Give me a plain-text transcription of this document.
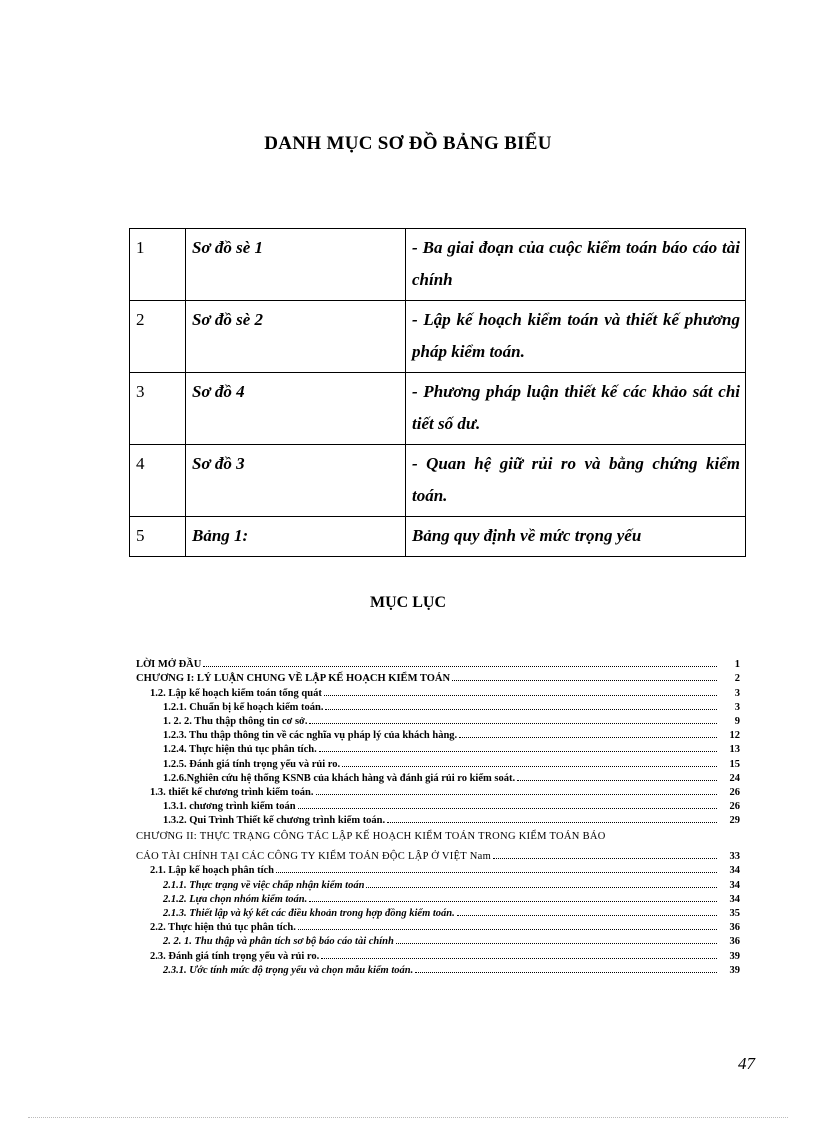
DANH MỤC SƠ ĐỒ BẢNG BIỂU
1	Sơ đồ sè 1	- Ba giai đoạn của cuộc kiểm toán báo cáo tài chính
2	Sơ đồ sè 2	- Lập kế hoạch kiểm toán và thiết kế phương pháp kiểm toán.
3	Sơ đồ 4	- Phương pháp luận thiết kế các khảo sát chi tiết số dư.
4	Sơ đồ 3	- Quan hệ giữ rủi ro và bằng chứng kiểm toán.
5	Bảng 1:	Bảng quy định về mức trọng yếu
MỤC LỤC
LỜI MỞ ĐẦU	1
CHƯƠNG I: LÝ LUẬN CHUNG VỀ LẬP KẾ HOẠCH KIỂM TOÁN	2
1.2. Lập kế hoạch kiểm toán tổng quát	3
1.2.1. Chuẩn bị kế hoạch kiểm toán.	3
1. 2. 2. Thu thập thông tin cơ sở.	9
1.2.3. Thu thập thông tin về các nghĩa vụ pháp lý của khách hàng.	12
1.2.4. Thực hiện thủ tục phân tích.	13
1.2.5. Đánh giá tính trọng yếu và rủi ro.	15
1.2.6.Nghiên cứu hệ thống KSNB của khách hàng và đánh giá rủi ro kiểm soát.	24
1.3. thiết kế chương trình kiểm toán.	26
1.3.1. chương trình kiểm toán	26
1.3.2. Qui Trình Thiết kế chương trình kiểm toán.	29
CHƯƠNG II: THỰC TRẠNG CÔNG TÁC LẬP KẾ HOẠCH KIỂM TOÁN TRONG KIỂM TOÁN BÁO
CÁO TÀI CHÍNH TẠI CÁC CÔNG TY KIỂM TOÁN ĐỘC LẬP Ở VIỆT Nam	33
2.1. Lập kế hoạch phân tích	34
2.1.1. Thực trạng về việc chấp nhận kiểm toán	34
2.1.2. Lựa chọn nhóm kiểm toán.	34
2.1.3. Thiết lập và ký kết các điều khoản trong hợp đồng kiểm toán.	35
2.2. Thực hiện thủ tục phân tích.	36
2. 2. 1. Thu thập và phân tích sơ bộ báo cáo tài chính	36
2.3. Đánh giá tính trọng yếu và rủi ro.	39
2.3.1. Ước tính mức độ trọng yếu và chọn mẫu kiểm toán.	39
47
